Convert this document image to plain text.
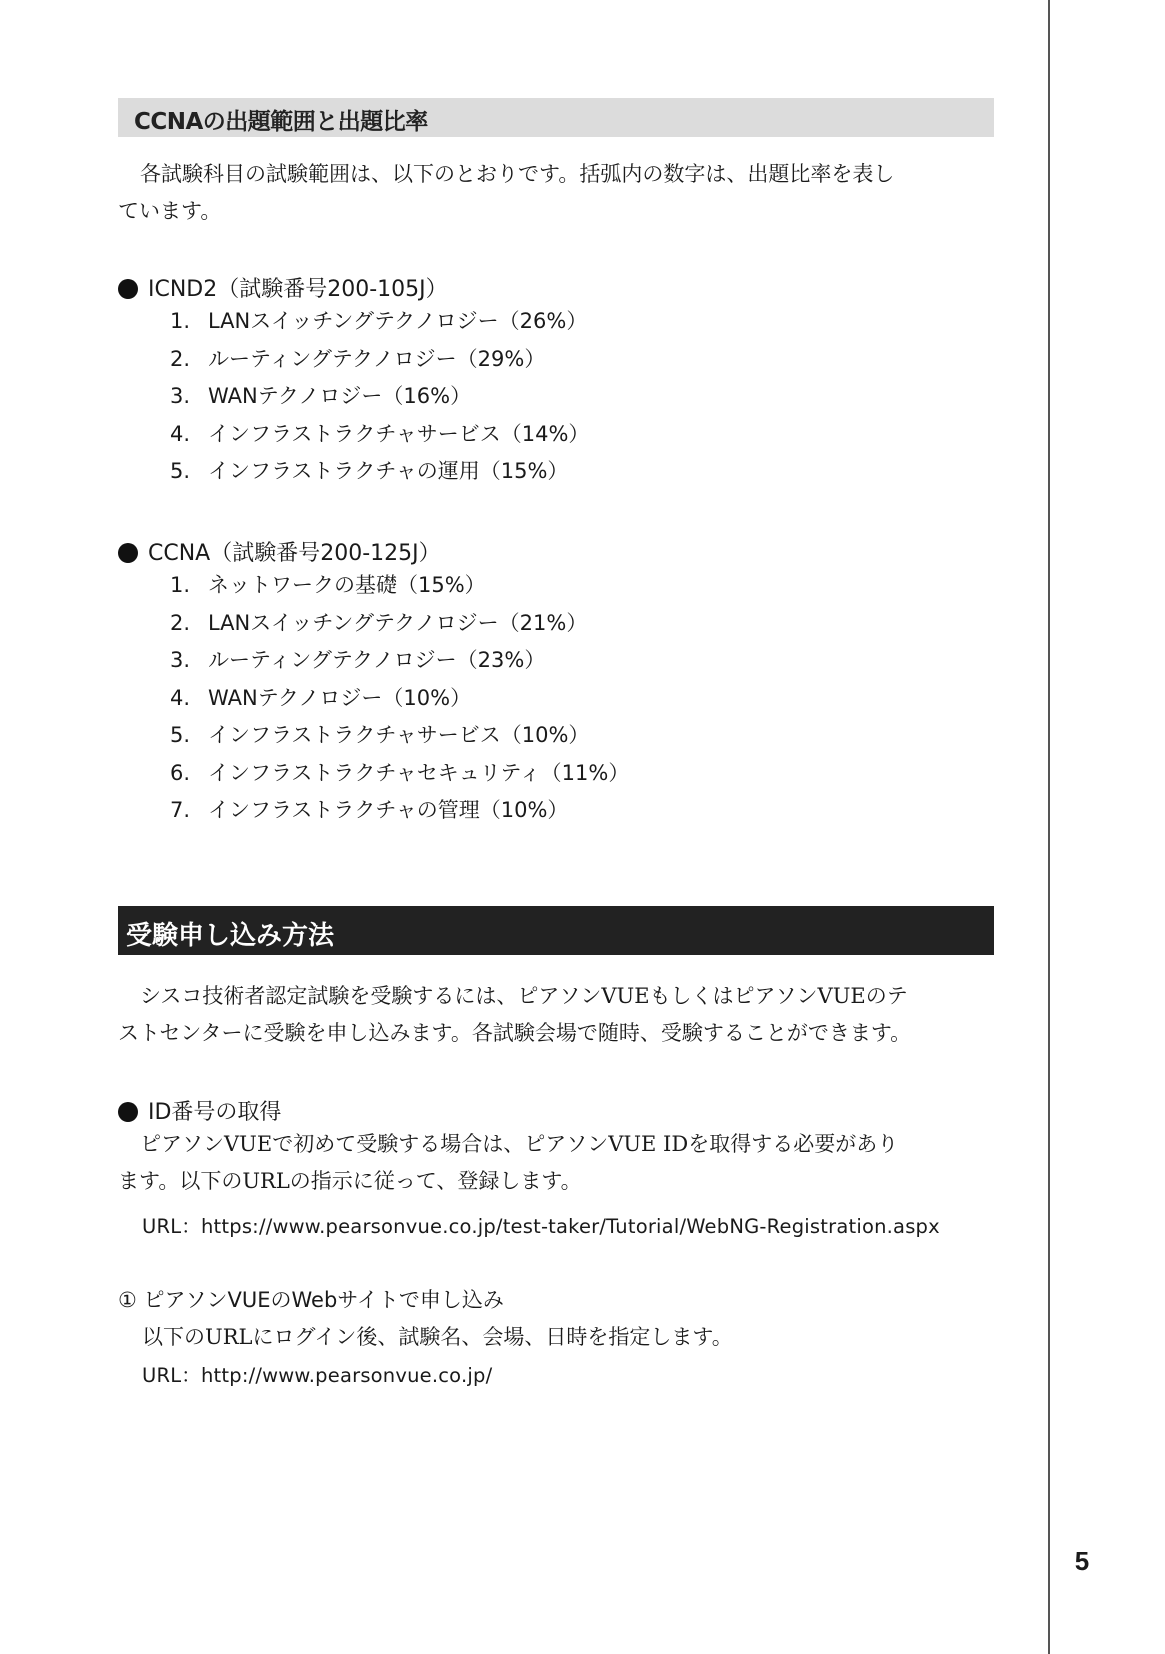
5
CCNAの出題範囲と出題比率
各試験科目の試験範囲は、以下のとおりです。括弧内の数字は、出題比率を表し
ています。
ICND2（試験番号200-105J）
1. LANスイッチングテクノロジー（26%）
2. ルーティングテクノロジー（29%）
3. WANテクノロジー（16%）
4. インフラストラクチャサービス（14%）
5. インフラストラクチャの運用（15%）
CCNA（試験番号200-125J）
1. ネットワークの基礎（15%）
2. LANスイッチングテクノロジー（21%）
3. ルーティングテクノロジー（23%）
4. WANテクノロジー（10%）
5. インフラストラクチャサービス（10%）
6. インフラストラクチャセキュリティ（11%）
7. インフラストラクチャの管理（10%）
受験申し込み方法
シスコ技術者認定試験を受験するには、ピアソンVUEもしくはピアソンVUEのテ
ストセンターに受験を申し込みます。各試験会場で随時、受験することができます。
ID番号の取得
ピアソンVUEで初めて受験する場合は、ピアソンVUE IDを取得する必要があり
ます。以下のURLの指示に従って、登録します。
URL：https://www.pearsonvue.co.jp/test-taker/Tutorial/WebNG-Registration.aspx
① ピアソンVUEのWebサイトで申し込み
以下のURLにログイン後、試験名、会場、日時を指定します。
URL：http://www.pearsonvue.co.jp/
